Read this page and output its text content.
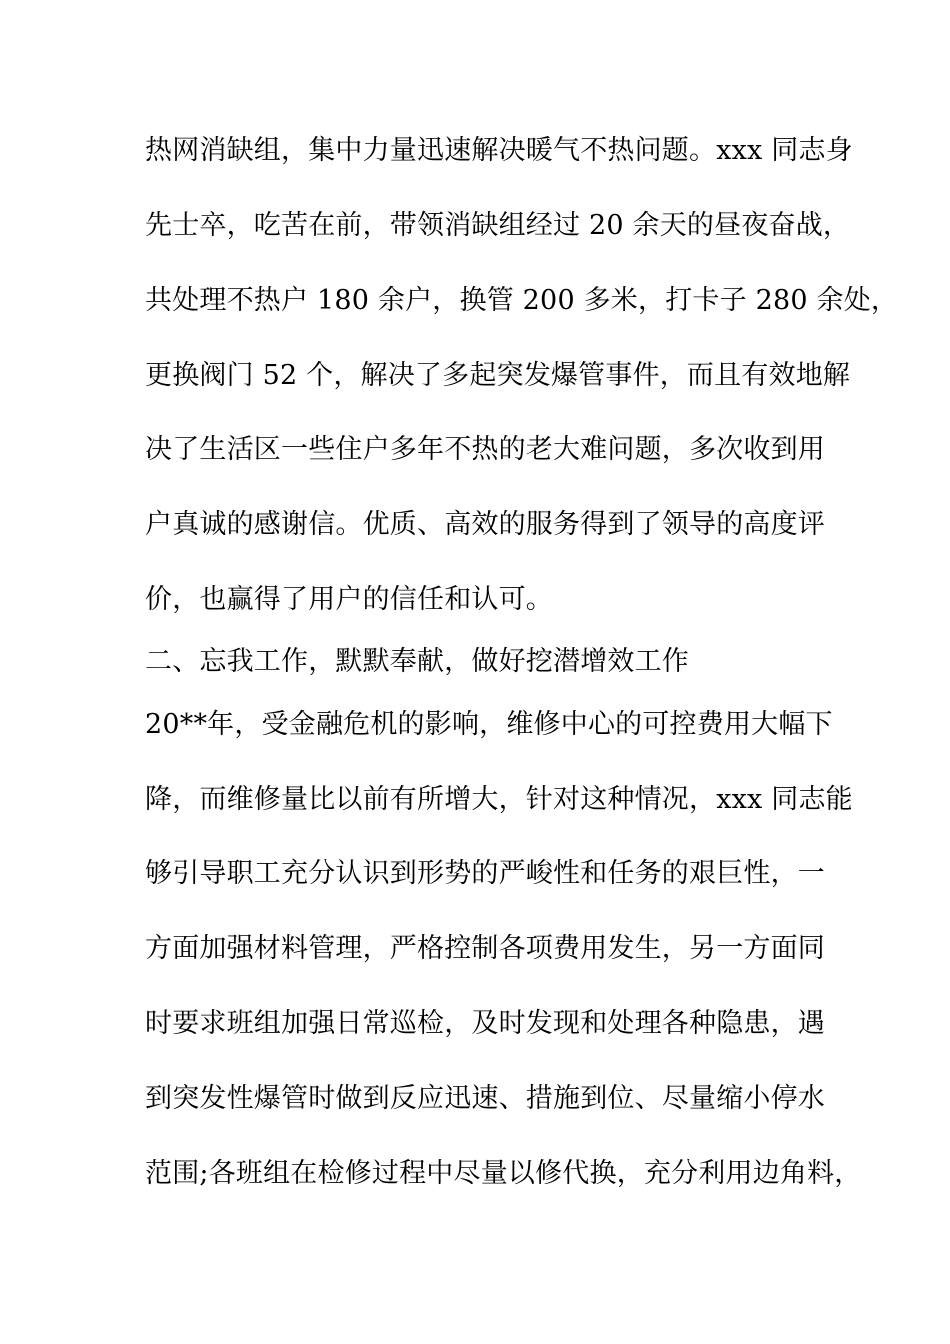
热网消缺组，集中力量迅速解决暖气不热问题。xxx 同志身
先士卒，吃苦在前，带领消缺组经过 20 余天的昼夜奋战，
共处理不热户 180 余户，换管 200 多米，打卡子 280 余处，
更换阀门 52 个，解决了多起突发爆管事件，而且有效地解
决了生活区一些住户多年不热的老大难问题，多次收到用
户真诚的感谢信。优质、高效的服务得到了领导的高度评
价，也赢得了用户的信任和认可。
二、忘我工作，默默奉献，做好挖潜增效工作
20**年，受金融危机的影响，维修中心的可控费用大幅下
降，而维修量比以前有所增大，针对这种情况，xxx 同志能
够引导职工充分认识到形势的严峻性和任务的艰巨性，一
方面加强材料管理，严格控制各项费用发生，另一方面同
时要求班组加强日常巡检，及时发现和处理各种隐患，遇
到突发性爆管时做到反应迅速、措施到位、尽量缩小停水
范围;各班组在检修过程中尽量以修代换，充分利用边角料，
